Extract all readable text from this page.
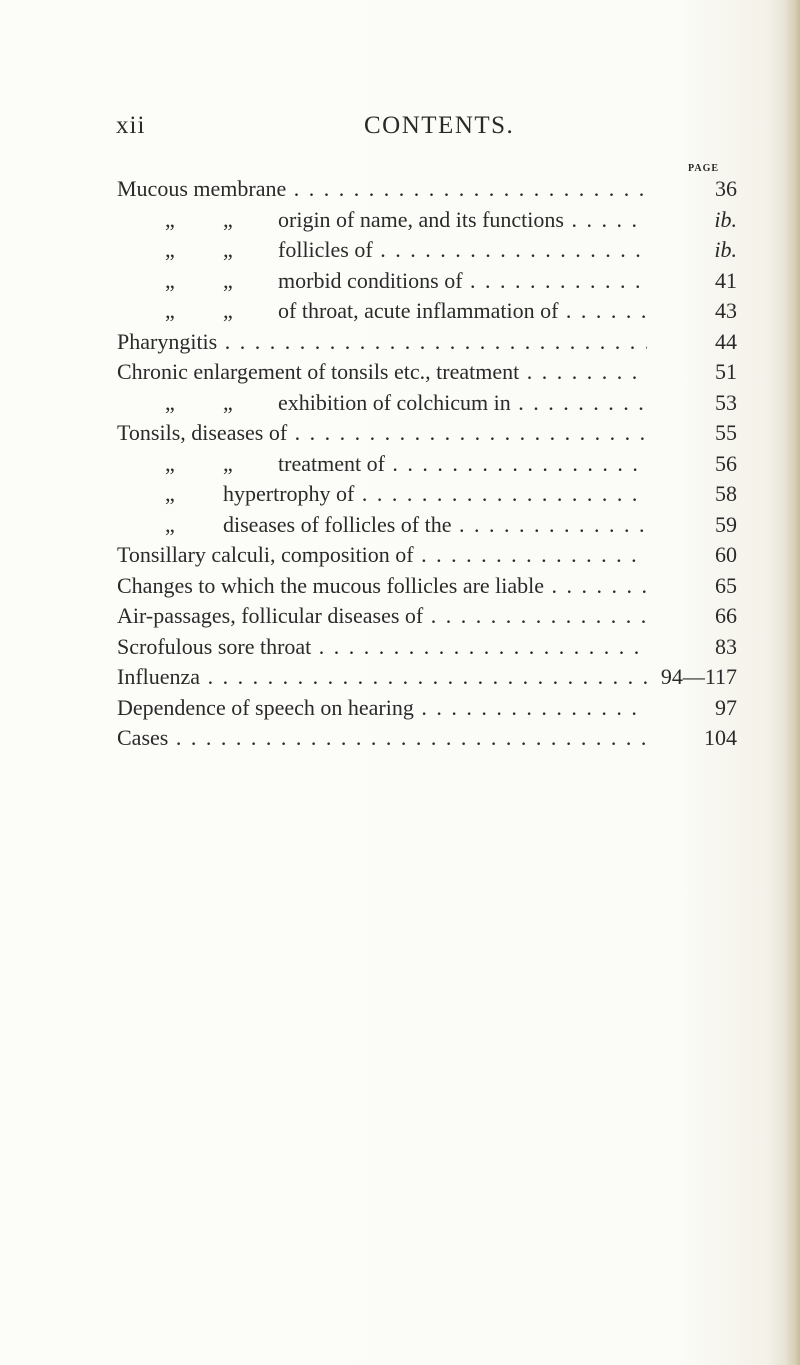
xii	CONTENTS.
PAGE
Mucous membrane . . .	36
„ „ origin of name, and its functions . . .	ib.
„ „ follicles of . . .	ib.
„ „ morbid conditions of . . .	41
„ „ of throat, acute inflammation of . . .	43
Pharyngitis . . .	44
Chronic enlargement of tonsils etc., treatment . . .	51
„ „ exhibition of colchicum in . . .	53
Tonsils, diseases of . . .	55
„ „ treatment of . . .	56
„ hypertrophy of . . .	58
„ diseases of follicles of the . . .	59
Tonsillary calculi, composition of . . .	60
Changes to which the mucous follicles are liable . . .	65
Air-passages, follicular diseases of . . .	66
Scrofulous sore throat . . .	83
Influenza . . .	94—117
Dependence of speech on hearing . . .	97
Cases . . .	104
